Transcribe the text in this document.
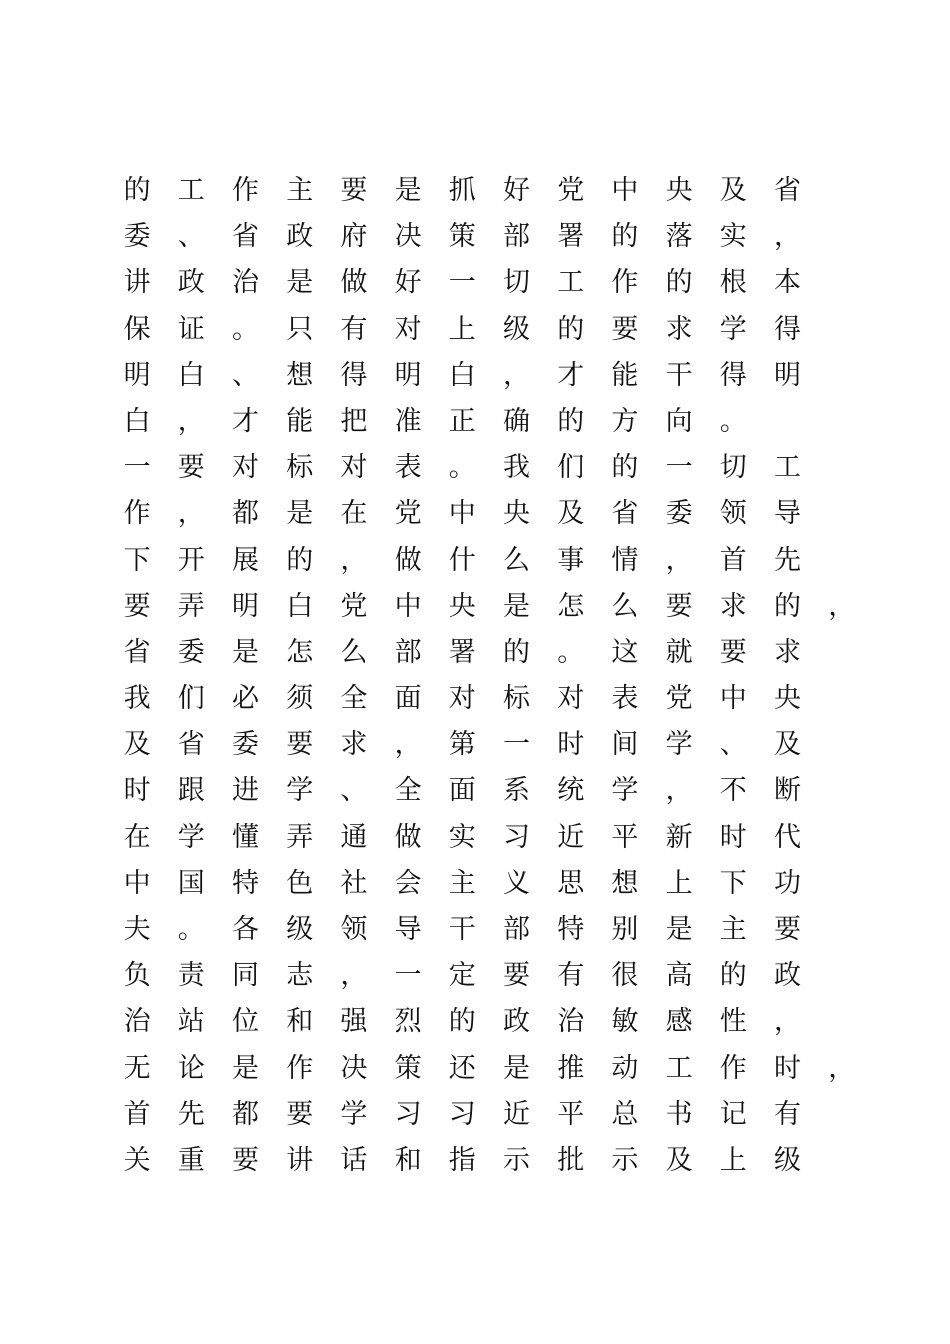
的	工	作	主	要	是	抓	好	党	中	央	及	省
委	、	省	政	府	决	策	部	署	的	落	实	，
讲	政	治	是	做	好	一	切	工	作	的	根	本
保	证	。	只	有	对	上	级	的	要	求	学	得
明	白	、	想	得	明	白	，	才	能	干	得	明
白	，	才	能	把	准	正	确	的	方	向	。
一	要	对	标	对	表	。	我	们	的	一	切	工
作	，	都	是	在	党	中	央	及	省	委	领	导
下	开	展	的	，	做	什	么	事	情	，	首	先
要	弄	明	白	党	中	央	是	怎	么	要	求	的	，
省	委	是	怎	么	部	署	的	。	这	就	要	求
我	们	必	须	全	面	对	标	对	表	党	中	央
及	省	委	要	求	，	第	一	时	间	学	、	及
时	跟	进	学	、	全	面	系	统	学	，	不	断
在	学	懂	弄	通	做	实	习	近	平	新	时	代
中	国	特	色	社	会	主	义	思	想	上	下	功
夫	。	各	级	领	导	干	部	特	别	是	主	要
负	责	同	志	，	一	定	要	有	很	高	的	政
治	站	位	和	强	烈	的	政	治	敏	感	性	，
无	论	是	作	决	策	还	是	推	动	工	作	时	，
首	先	都	要	学	习	习	近	平	总	书	记	有
关	重	要	讲	话	和	指	示	批	示	及	上	级
